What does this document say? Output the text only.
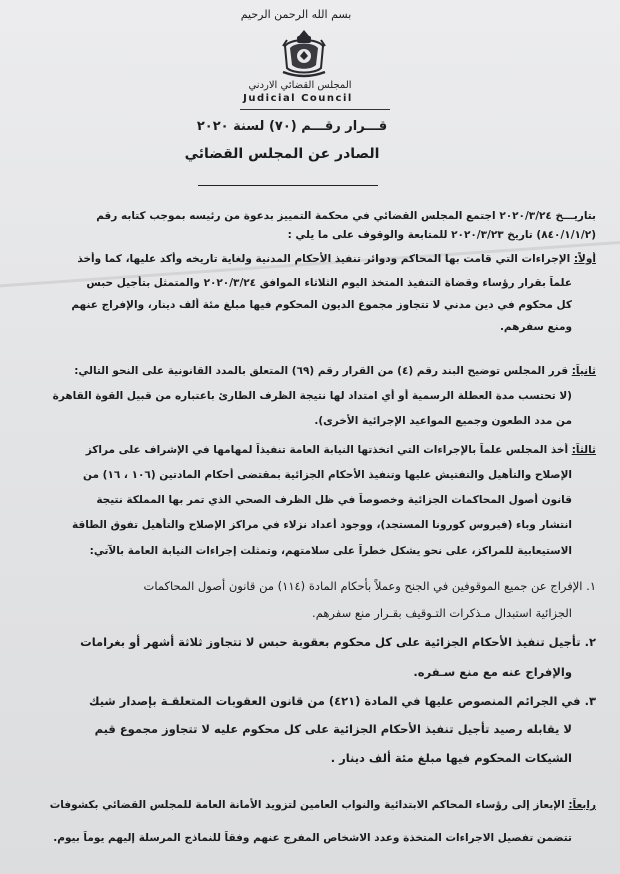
بسم الله الرحمن الرحيم
المجلس القضائي الاردني
Judicial Council
قـــرار رقـــم (٧٠) لسنة ٢٠٢٠
الصادر عن المجلس القضائي
بتاريـــخ ٢٠٢٠/٣/٢٤ اجتمع المجلس القضائي في محكمة التمييز بدعوة من رئيسه بموجب كتابه رقم
(٨٤٠/١/١/٢) تاريخ ٢٠٢٠/٣/٢٣ للمتابعة والوقوف على ما يلي :
أولاً: الإجراءات التي قامت بها المحاكم ودوائر تنفيذ الأحكام المدنية ولغاية تاريخه وأكد عليها، كما وأخذ
علماً بقرار رؤساء وقضاة التنفيذ المتخذ اليوم الثلاثاء الموافق ٢٠٢٠/٣/٢٤ والمتمثل بتأجيل حبس
كل محكوم في دين مدني لا تتجاوز مجموع الديون المحكوم فيها مبلغ مئة ألف دينار، والإفراج عنهم
ومنع سفرهم.
ثانياً: قرر المجلس توضيح البند رقم (٤) من القرار رقم (٦٩) المتعلق بالمدد القانونية على النحو التالي:
(لا تحتسب مدة العطلة الرسمية أو أي امتداد لها نتيجة الظرف الطارئ باعتباره من قبيل القوة القاهرة
من مدد الطعون وجميع المواعيد الإجرائية الأخرى).
ثالثاً: أخذ المجلس علماً بالإجراءات التي اتخذتها النيابة العامة تنفيذاً لمهامها في الإشراف على مراكز
الإصلاح والتأهيل والتفتيش عليها وتنفيذ الأحكام الجزائية بمقتضى أحكام المادتين (١٠٦ ، ١٦) من
قانون أصول المحاكمات الجزائية وخصوصاً في ظل الظرف الصحي الذي تمر بها المملكة نتيجة
انتشار وباء (فيروس كورونا المستجد)، ووجود أعداد نزلاء في مراكز الإصلاح والتأهيل تفوق الطاقة
الاستيعابية للمراكز، على نحو يشكل خطراً على سلامتهم، وتمثلت إجراءات النيابة العامة بالآتي:
١. الإفراج عن جميع الموقوفين في الجنح وعملاً بأحكام المادة (١١٤) من قانون أصول المحاكمات
الجزائية استبدال مـذكرات التـوقيف بقـرار منع سفرهم.
٢. تأجيل تنفيذ الأحكام الجزائية على كل محكوم بعقوبة حبس لا تتجاوز ثلاثة أشهر أو بغرامات
والإفراج عنه مع منع سـفره.
٣. في الجرائم المنصوص عليها في المادة (٤٢١) من قانون العقوبات المتعلقـة بإصدار شيك
لا يقابله رصيد تأجيل تنفيذ الأحكام الجزائية على كل محكوم عليه لا تتجاوز مجموع قيم
الشيكات المحكوم فيها مبلغ مئة ألف دينار .
رابعاً: الإيعاز إلى رؤساء المحاكم الابتدائية والنواب العامين لتزويد الأمانة العامة للمجلس القضائي بكشوفات
تتضمن تفصيل الاجراءات المتخذة وعدد الاشخاص المفرج عنهم وفقاً للنماذج المرسلة إليهم يوماً بيوم.
